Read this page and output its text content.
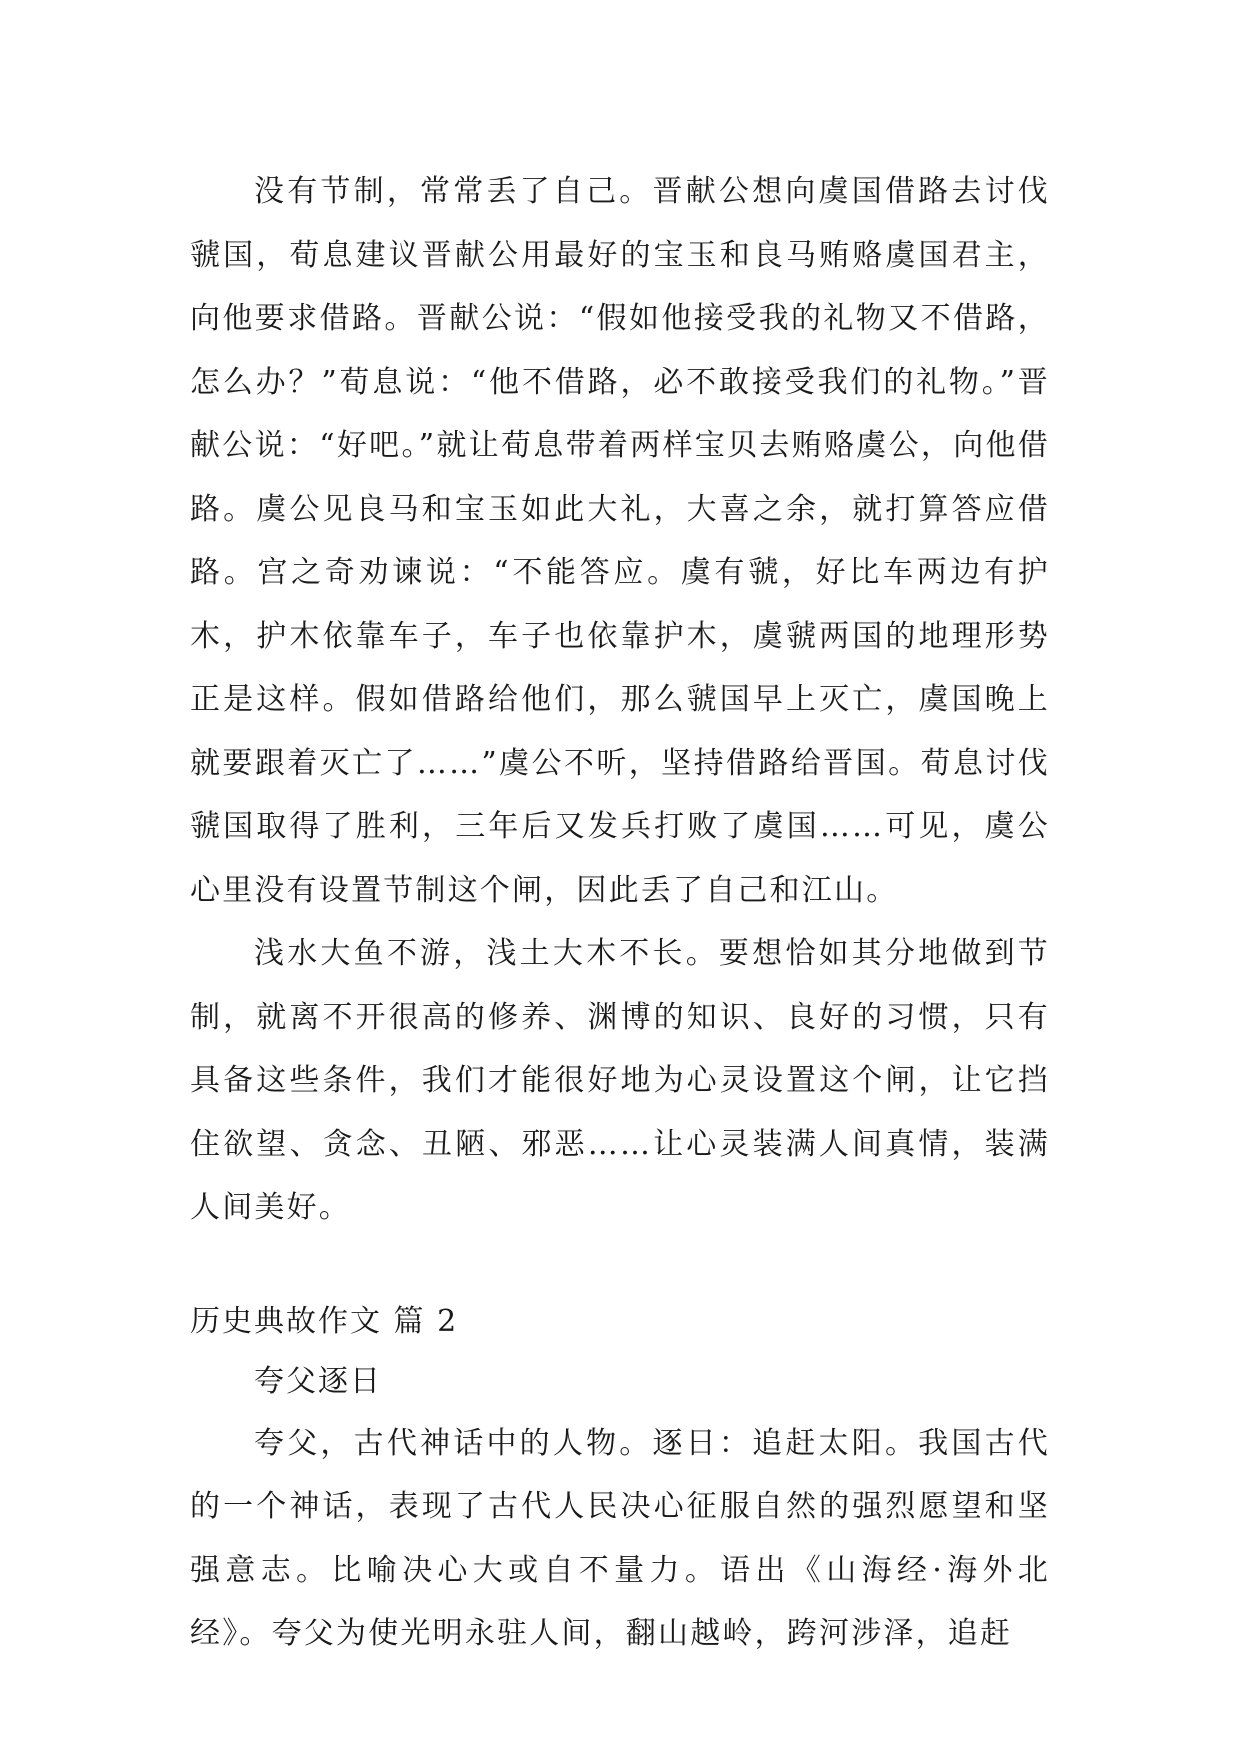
没有节制，常常丢了自己。晋献公想向虞国借路去讨伐虢国，荀息建议晋献公用最好的宝玉和良马贿赂虞国君主，向他要求借路。晋献公说：“假如他接受我的礼物又不借路，怎么办？”荀息说：“他不借路，必不敢接受我们的礼物。”晋献公说：“好吧。”就让荀息带着两样宝贝去贿赂虞公，向他借路。虞公见良马和宝玉如此大礼，大喜之余，就打算答应借路。宫之奇劝谏说：“不能答应。虞有虢，好比车两边有护木，护木依靠车子，车子也依靠护木，虞虢两国的地理形势正是这样。假如借路给他们，那么虢国早上灭亡，虞国晚上就要跟着灭亡了……”虞公不听，坚持借路给晋国。荀息讨伐虢国取得了胜利，三年后又发兵打败了虞国……可见，虞公心里没有设置节制这个闸，因此丢了自己和江山。

浅水大鱼不游，浅土大木不长。要想恰如其分地做到节制，就离不开很高的修养、渊博的知识、良好的习惯，只有具备这些条件，我们才能很好地为心灵设置这个闸，让它挡住欲望、贪念、丑陋、邪恶……让心灵装满人间真情，装满人间美好。

历史典故作文 篇 2

夸父逐日

夸父，古代神话中的人物。逐日：追赶太阳。我国古代的一个神话，表现了古代人民决心征服自然的强烈愿望和坚强意志。比喻决心大或自不量力。语出《山海经·海外北经》。夸父为使光明永驻人间，翻山越岭，跨河涉泽，追赶
